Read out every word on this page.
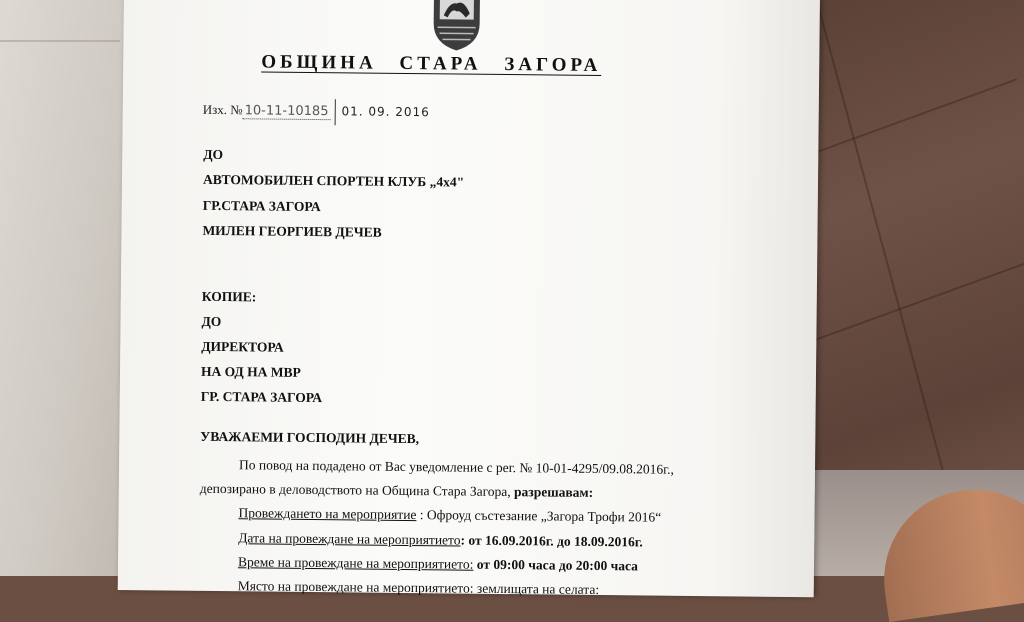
ОБЩИНА СТАРА ЗАГОРА
Изх. № 10-11-10185 01. 09. 2016
ДО
АВТОМОБИЛЕН СПОРТЕН КЛУБ „4х4"
ГР.СТАРА ЗАГОРА
МИЛЕН ГЕОРГИЕВ ДЕЧЕВ
КОПИЕ:
ДО
ДИРЕКТОРА
НА ОД НА МВР
ГР. СТАРА ЗАГОРА
УВАЖАЕМИ ГОСПОДИН ДЕЧЕВ,
По повод на подадено от Вас уведомление с рег. № 10-01-4295/09.08.2016г.,
депозирано в деловодството на Община Стара Загора, разрешавам:
Провеждането на мероприятие : Офроуд състезание „Загора Трофи 2016“
Дата на провеждане на мероприятието: от 16.09.2016г. до 18.09.2016г.
Време на провеждане на мероприятието: от 09:00 часа до 20:00 часа
Място на провеждане на мероприятието: землищата на селата:
